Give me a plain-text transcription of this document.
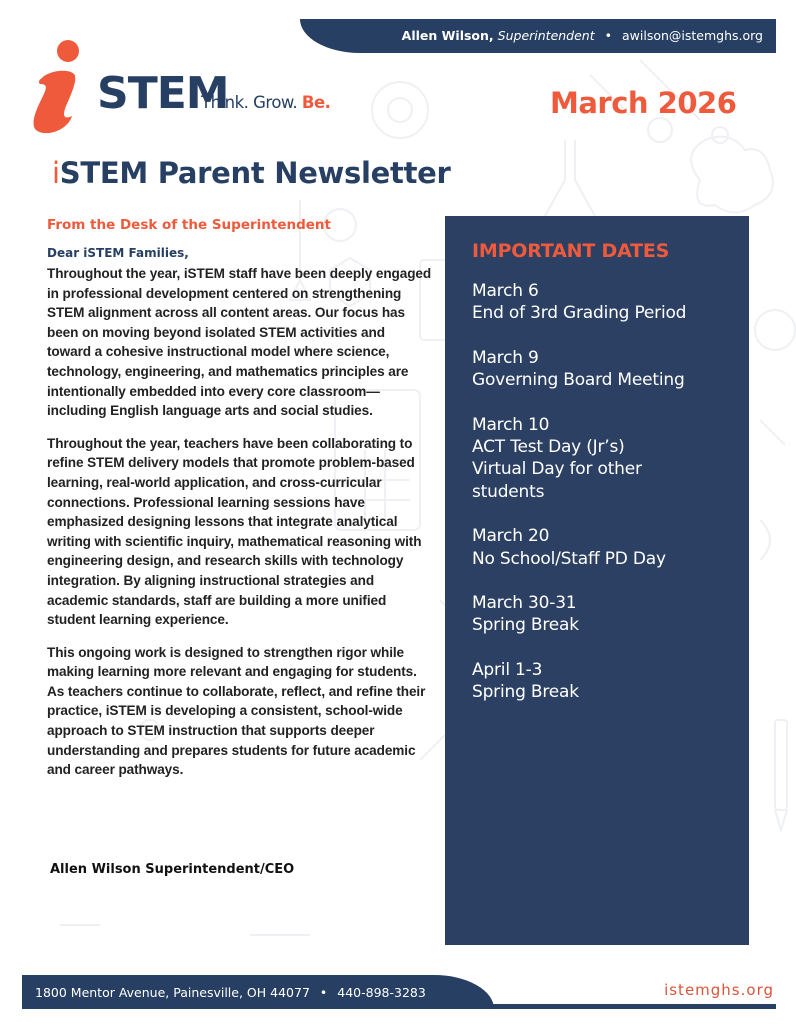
Allen Wilson, Superintendent • awilson@istemghs.org
STEM
Think. Grow. Be.	March 2026
iSTEM Parent Newsletter
From the Desk of the Superintendent
Dear iSTEM Families,

Throughout the year, iSTEM staff have been deeply engaged in professional development centered on strengthening STEM alignment across all content areas. Our focus has been on moving beyond isolated STEM activities and toward a cohesive instructional model where science, technology, engineering, and mathematics principles are intentionally embedded into every core classroom—including English language arts and social studies.

Throughout the year, teachers have been collaborating to refine STEM delivery models that promote problem-based learning, real-world application, and cross-curricular connections. Professional learning sessions have emphasized designing lessons that integrate analytical writing with scientific inquiry, mathematical reasoning with engineering design, and research skills with technology integration. By aligning instructional strategies and academic standards, staff are building a more unified student learning experience.

This ongoing work is designed to strengthen rigor while making learning more relevant and engaging for students. As teachers continue to collaborate, reflect, and refine their practice, iSTEM is developing a consistent, school-wide approach to STEM instruction that supports deeper understanding and prepares students for future academic and career pathways.

Allen Wilson Superintendent/CEO
IMPORTANT DATES
March 6
End of 3rd Grading Period
March 9
Governing Board Meeting
March 10
ACT Test Day (Jr’s)
Virtual Day for other
students
March 20
No School/Staff PD Day
March 30-31
Spring Break
April 1-3
Spring Break
1800 Mentor Avenue, Painesville, OH 44077 • 440-898-3283	istemghs.org
